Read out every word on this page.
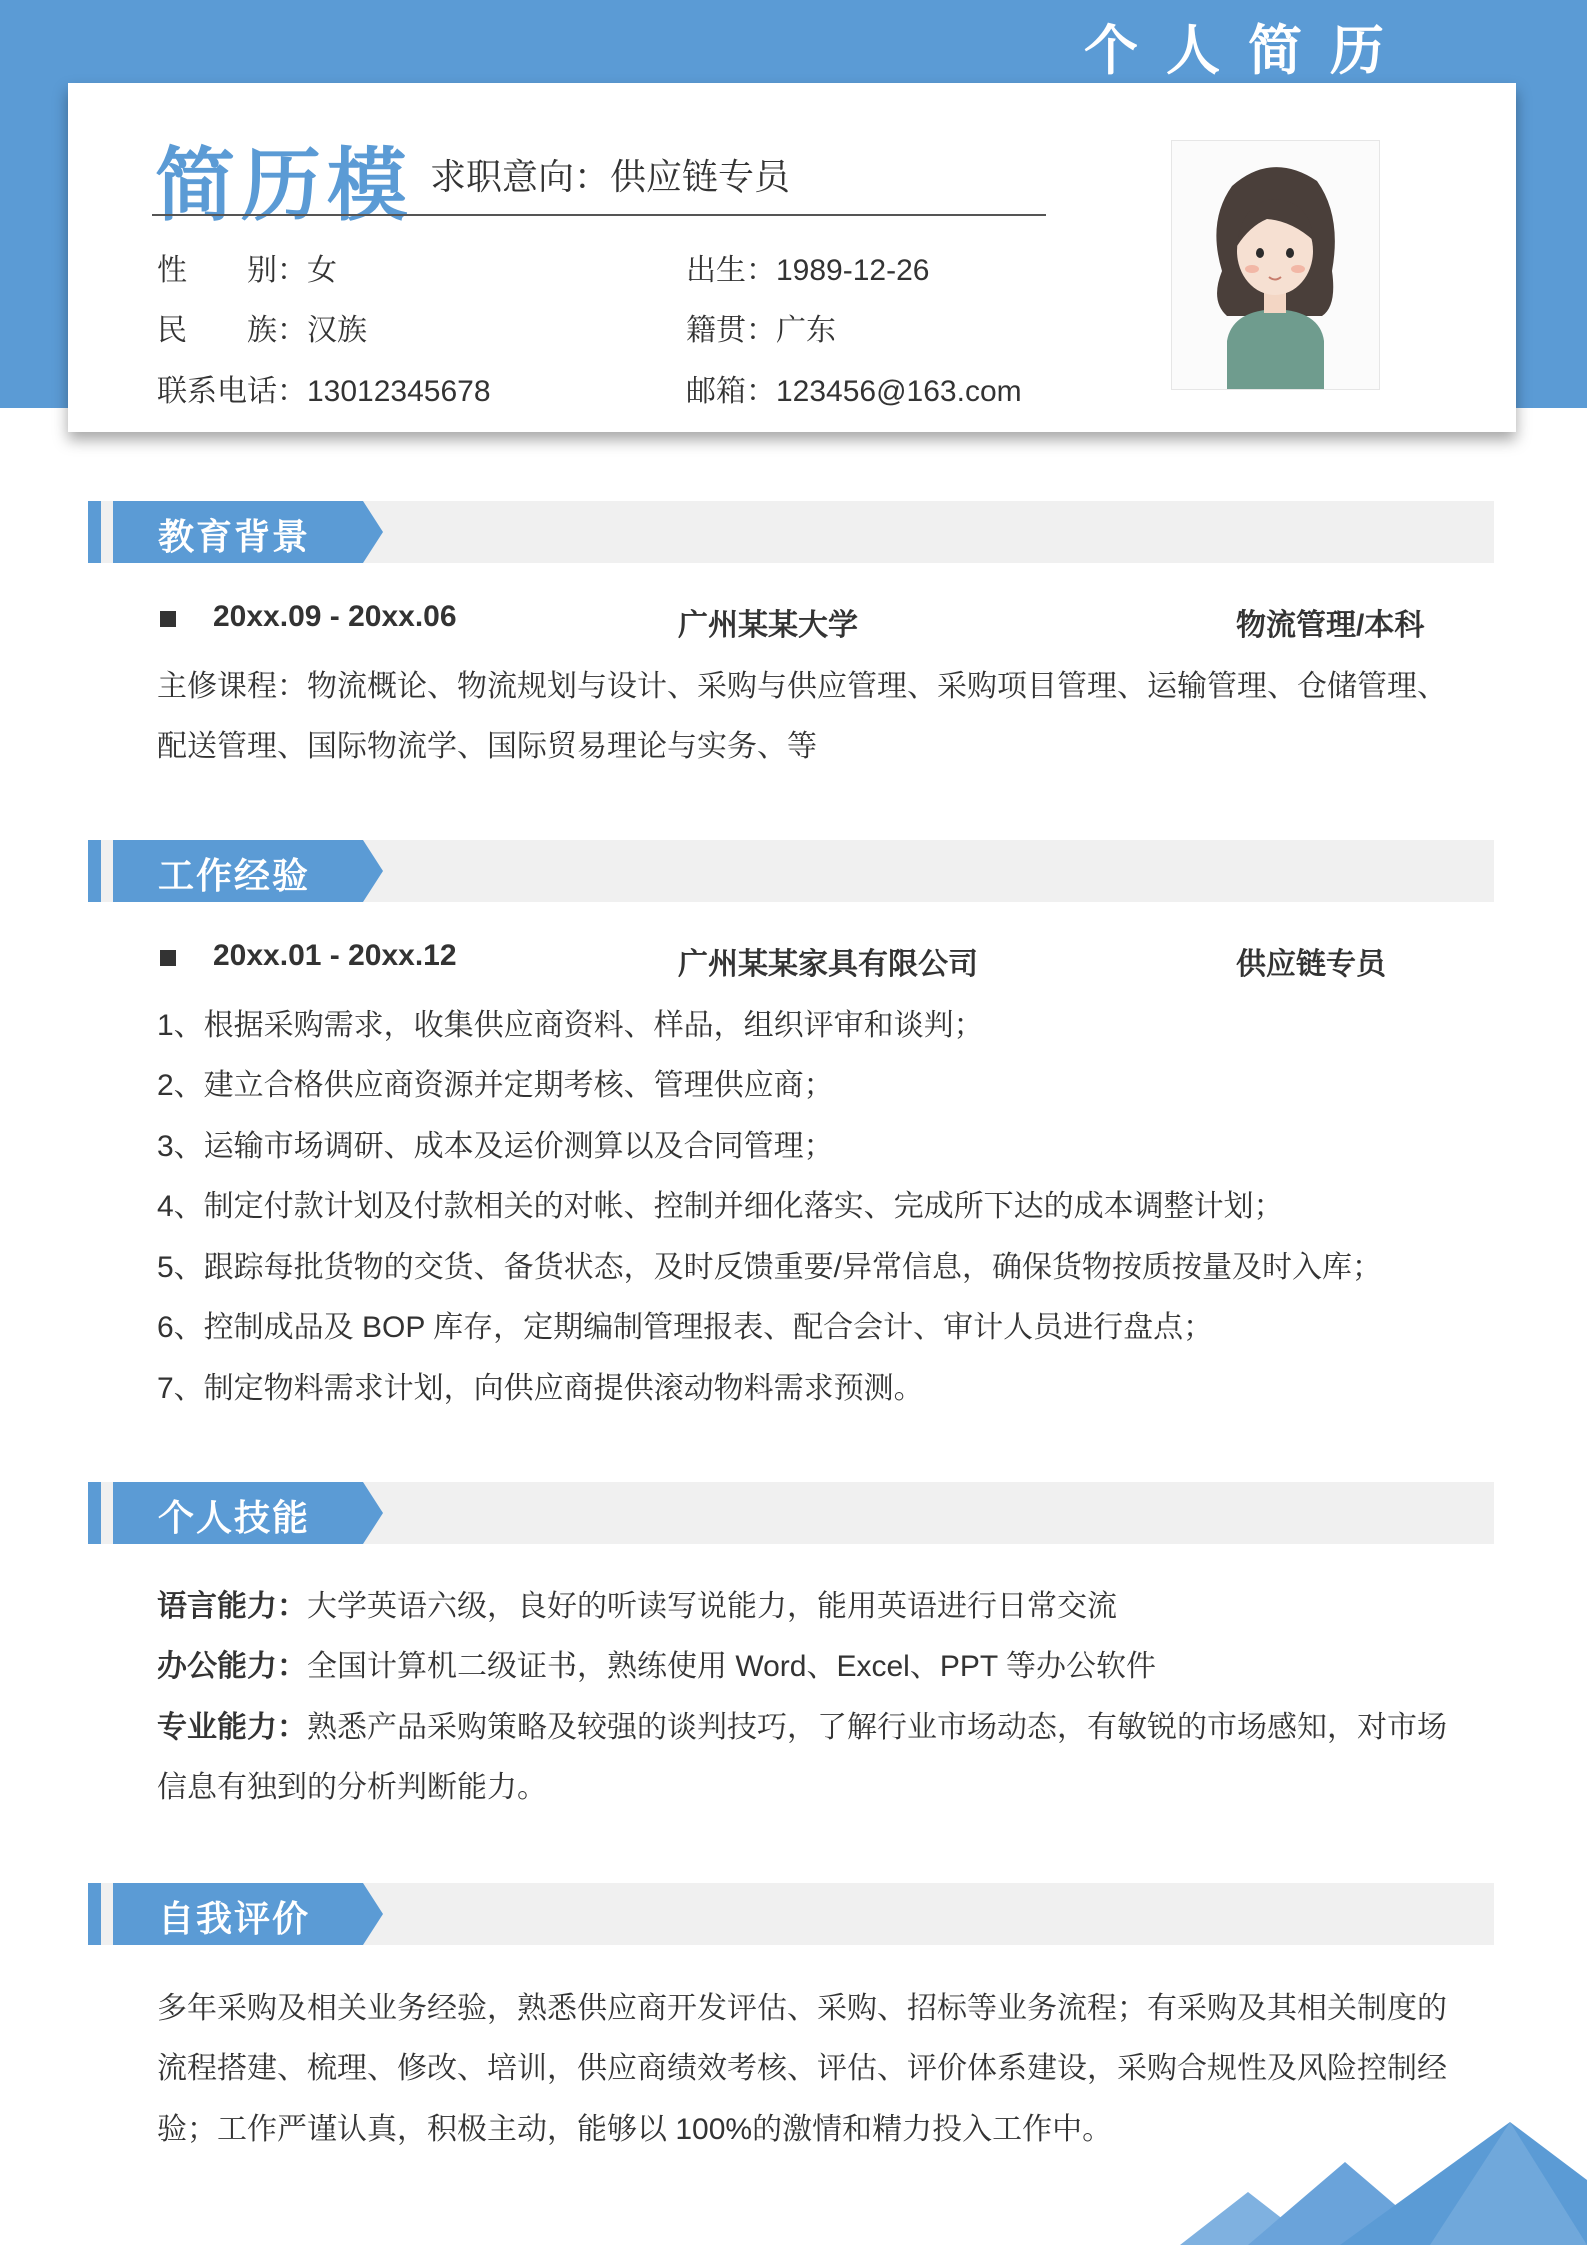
个人简历
简历模 求职意向：供应链专员
性　　别：女	出生：1989-12-26
民　　族：汉族	籍贯：广东
联系电话：13012345678	邮箱：123456@163.com
教育背景
20xx.09 - 20xx.06	广州某某大学	物流管理/本科
主修课程：物流概论、物流规划与设计、采购与供应管理、采购项目管理、运输管理、仓储管理、
配送管理、国际物流学、国际贸易理论与实务、等
工作经验
20xx.01 - 20xx.12	广州某某家具有限公司	供应链专员
1、根据采购需求，收集供应商资料、样品，组织评审和谈判；
2、建立合格供应商资源并定期考核、管理供应商；
3、运输市场调研、成本及运价测算以及合同管理；
4、制定付款计划及付款相关的对帐、控制并细化落实、完成所下达的成本调整计划；
5、跟踪每批货物的交货、备货状态，及时反馈重要/异常信息，确保货物按质按量及时入库；
6、控制成品及 BOP 库存，定期编制管理报表、配合会计、审计人员进行盘点；
7、制定物料需求计划，向供应商提供滚动物料需求预测。
个人技能
语言能力：大学英语六级，良好的听读写说能力，能用英语进行日常交流
办公能力：全国计算机二级证书，熟练使用 Word、Excel、PPT 等办公软件
专业能力：熟悉产品采购策略及较强的谈判技巧，了解行业市场动态，有敏锐的市场感知，对市场
信息有独到的分析判断能力。
自我评价
多年采购及相关业务经验，熟悉供应商开发评估、采购、招标等业务流程；有采购及其相关制度的
流程搭建、梳理、修改、培训，供应商绩效考核、评估、评价体系建设，采购合规性及风险控制经
验；工作严谨认真，积极主动，能够以 100%的激情和精力投入工作中。
